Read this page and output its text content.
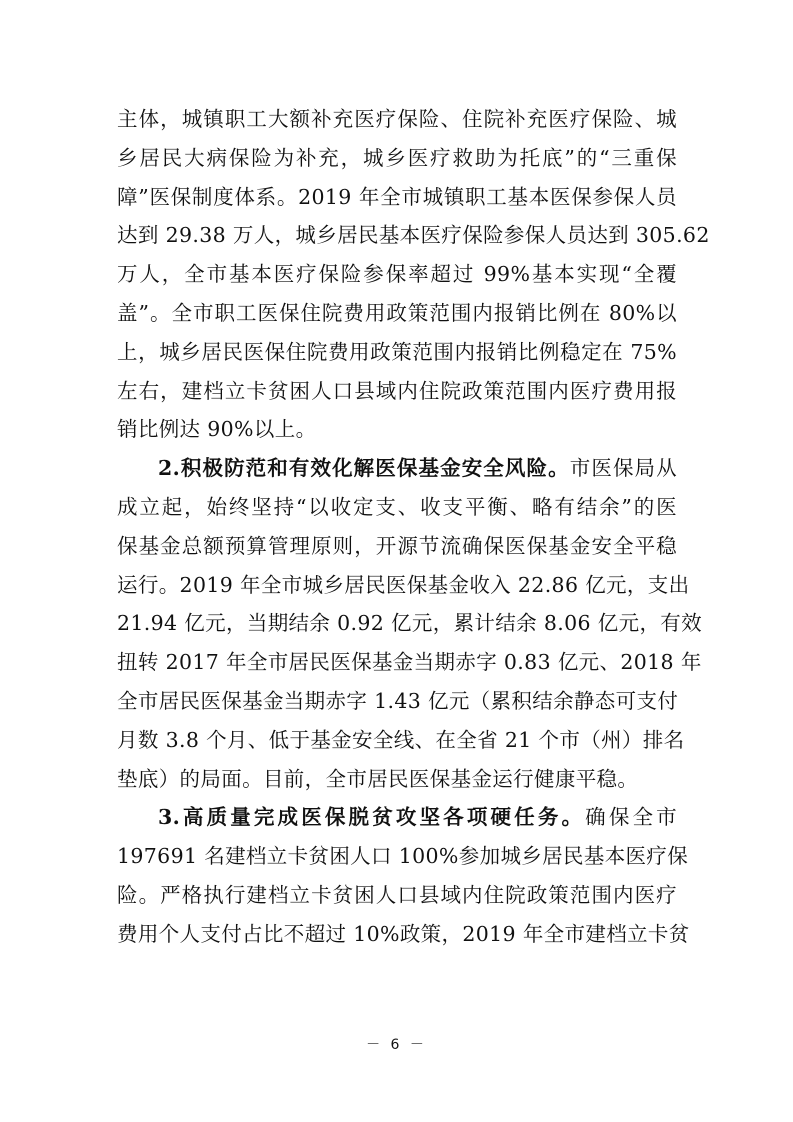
主体，城镇职工大额补充医疗保险、住院补充医疗保险、城
乡居民大病保险为补充，城乡医疗救助为托底”的“三重保
障”医保制度体系。2019 年全市城镇职工基本医保参保人员
达到 29.38 万人，城乡居民基本医疗保险参保人员达到 305.62
万人，全市基本医疗保险参保率超过 99%基本实现“全覆
盖”。全市职工医保住院费用政策范围内报销比例在 80%以
上，城乡居民医保住院费用政策范围内报销比例稳定在 75%
左右，建档立卡贫困人口县域内住院政策范围内医疗费用报
销比例达 90%以上。

2.积极防范和有效化解医保基金安全风险。市医保局从
成立起，始终坚持“以收定支、收支平衡、略有结余”的医
保基金总额预算管理原则，开源节流确保医保基金安全平稳
运行。2019 年全市城乡居民医保基金收入 22.86 亿元，支出
21.94 亿元，当期结余 0.92 亿元，累计结余 8.06 亿元，有效
扭转 2017 年全市居民医保基金当期赤字 0.83 亿元、2018 年
全市居民医保基金当期赤字 1.43 亿元（累积结余静态可支付
月数 3.8 个月、低于基金安全线、在全省 21 个市（州）排名
垫底）的局面。目前，全市居民医保基金运行健康平稳。

3.高质量完成医保脱贫攻坚各项硬任务。确保全市
197691 名建档立卡贫困人口 100%参加城乡居民基本医疗保
险。严格执行建档立卡贫困人口县域内住院政策范围内医疗
费用个人支付占比不超过 10%政策，2019 年全市建档立卡贫

－ 6 －
